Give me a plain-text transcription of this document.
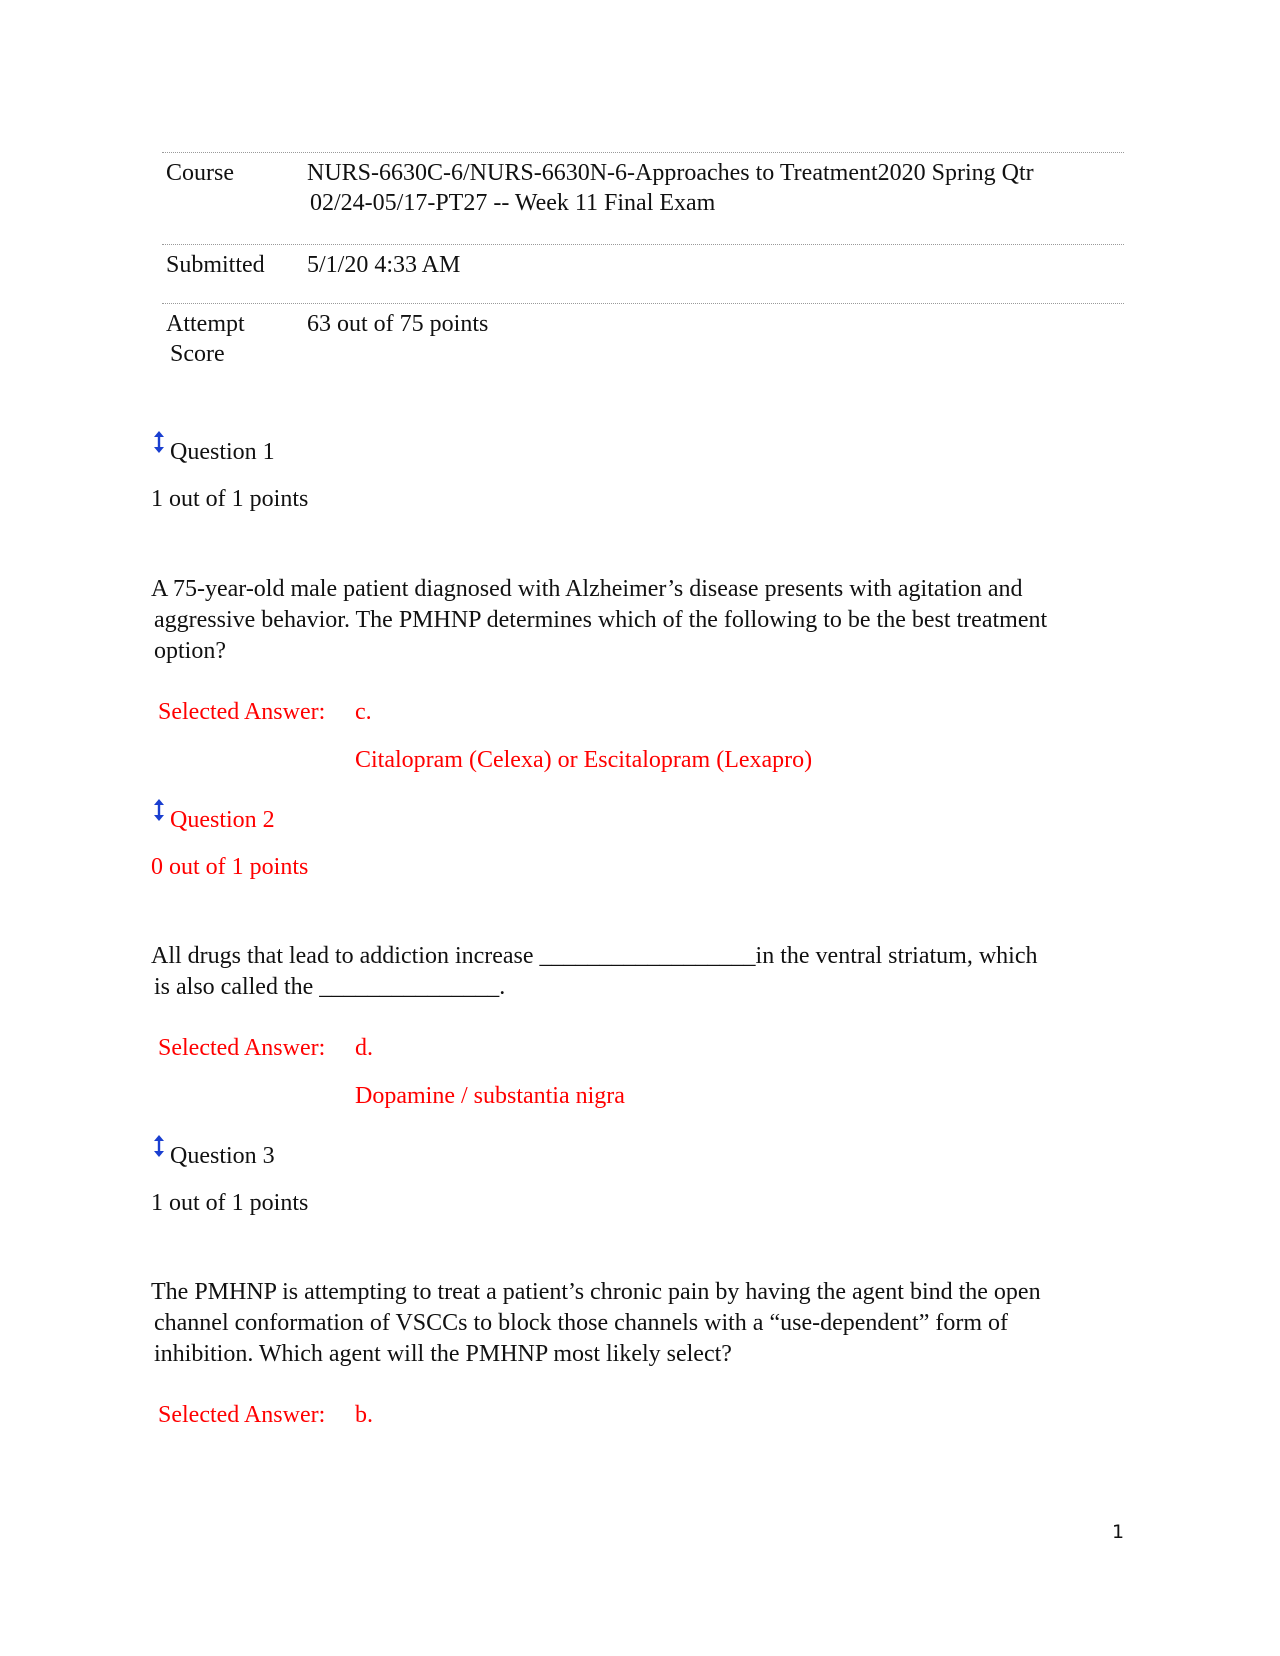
Course	NURS-6630C-6/NURS-6630N-6-Approaches to Treatment2020 Spring Qtr
02/24-05/17-PT27 -- Week 11 Final Exam
Submitted	5/1/20 4:33 AM
Attempt
Score
63 out of 75 points
Question 1
1 out of 1 points
A 75-year-old male patient diagnosed with Alzheimer’s disease presents with agitation and
aggressive behavior. The PMHNP determines which of the following to be the best treatment
option?
Selected Answer: c.
Citalopram (Celexa) or Escitalopram (Lexapro)
Question 2
0 out of 1 points
All drugs that lead to addiction increase __________________in the ventral striatum, which
is also called the _______________.
Selected Answer: d.
Dopamine / substantia nigra
Question 3
1 out of 1 points
The PMHNP is attempting to treat a patient’s chronic pain by having the agent bind the open
channel conformation of VSCCs to block those channels with a “use-dependent” form of
inhibition. Which agent will the PMHNP most likely select?
Selected Answer: b.
1
